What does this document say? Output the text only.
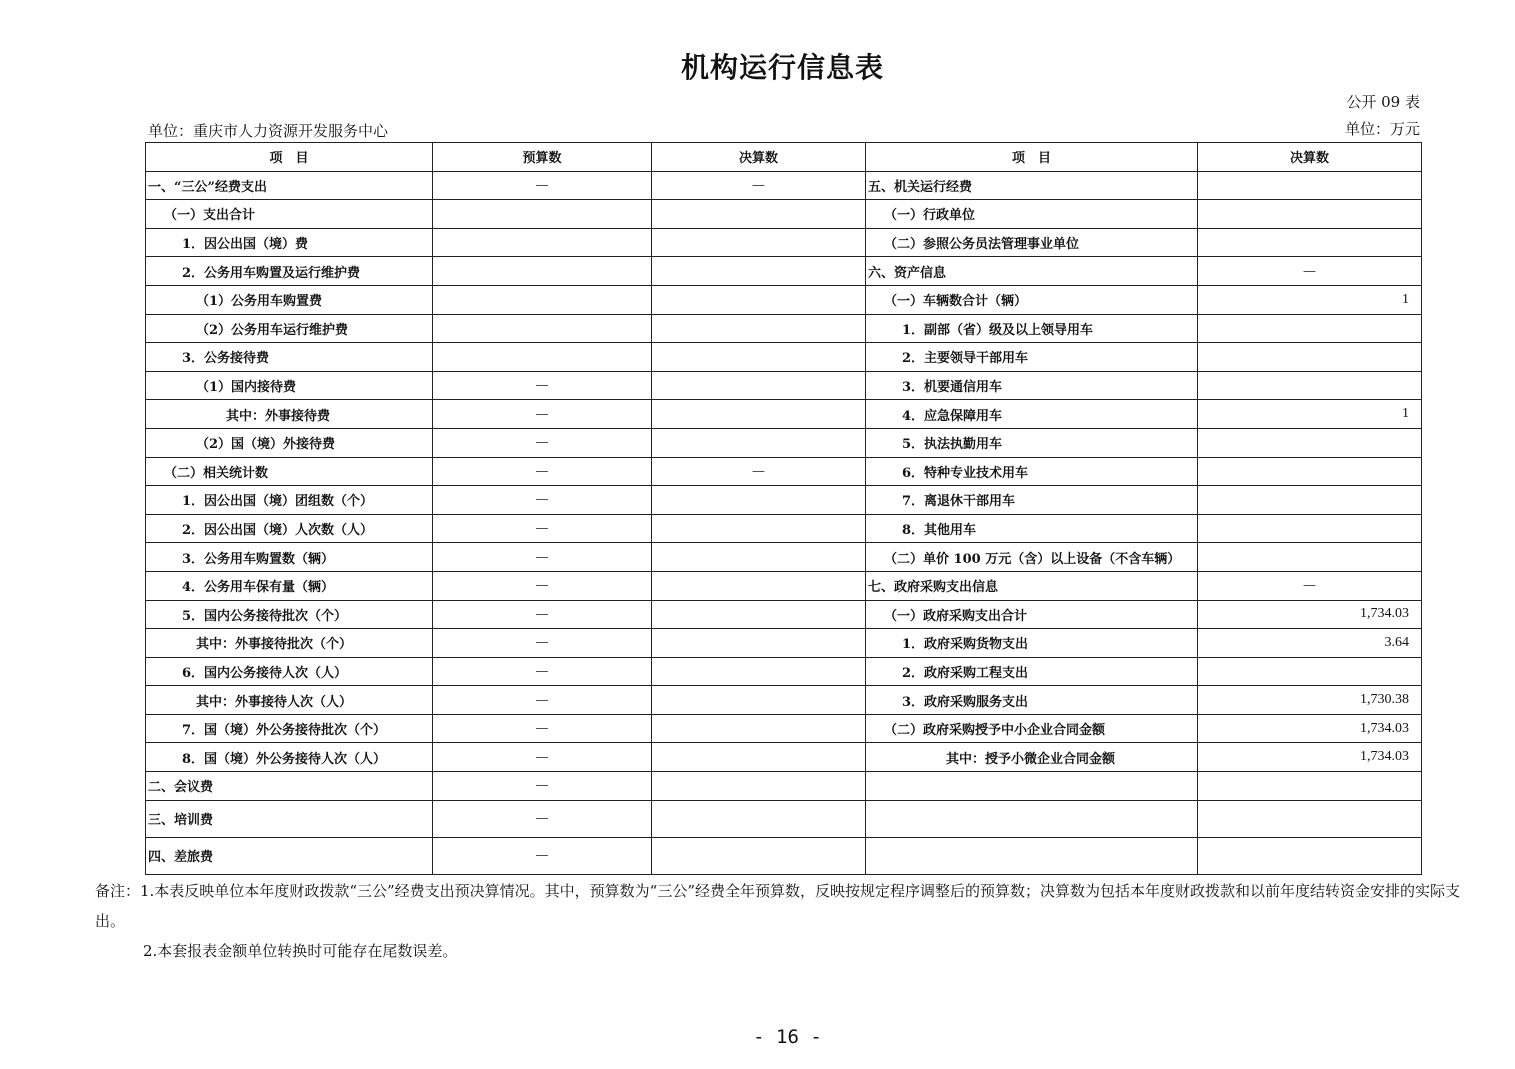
机构运行信息表
公开 09 表
单位：重庆市人力资源开发服务中心	单位：万元
项　目	预算数	决算数	项　目	决算数
一、“三公”经费支出	—	—	五、机关运行经费	
（一）支出合计			（一）行政单位	
1．因公出国（境）费			（二）参照公务员法管理事业单位	
2．公务用车购置及运行维护费			六、资产信息	—
（1）公务用车购置费			（一）车辆数合计（辆）	1
（2）公务用车运行维护费			1．副部（省）级及以上领导用车	
3．公务接待费			2．主要领导干部用车	
（1）国内接待费	—		3．机要通信用车	
其中：外事接待费	—		4．应急保障用车	1
（2）国（境）外接待费	—		5．执法执勤用车	
（二）相关统计数	—	—	6．特种专业技术用车	
1．因公出国（境）团组数（个）	—		7．离退休干部用车	
2．因公出国（境）人次数（人）	—		8．其他用车	
3．公务用车购置数（辆）	—		（二）单价 100 万元（含）以上设备（不含车辆）	
4．公务用车保有量（辆）	—		七、政府采购支出信息	—
5．国内公务接待批次（个）	—		（一）政府采购支出合计	1,734.03
其中：外事接待批次（个）	—		1．政府采购货物支出	3.64
6．国内公务接待人次（人）	—		2．政府采购工程支出	
其中：外事接待人次（人）	—		3．政府采购服务支出	1,730.38
7．国（境）外公务接待批次（个）	—		（二）政府采购授予中小企业合同金额	1,734.03
8．国（境）外公务接待人次（人）	—		其中：授予小微企业合同金额	1,734.03
二、会议费	—			
三、培训费	—			
四、差旅费	—			

备注：1.本表反映单位本年度财政拨款“三公”经费支出预决算情况。其中，预算数为“三公”经费全年预算数，反映按规定程序调整后的预算数；决算数为包括本年度财政拨款和以前年度结转资金安排的实际支出。

2.本套报表金额单位转换时可能存在尾数误差。

- 16 -
